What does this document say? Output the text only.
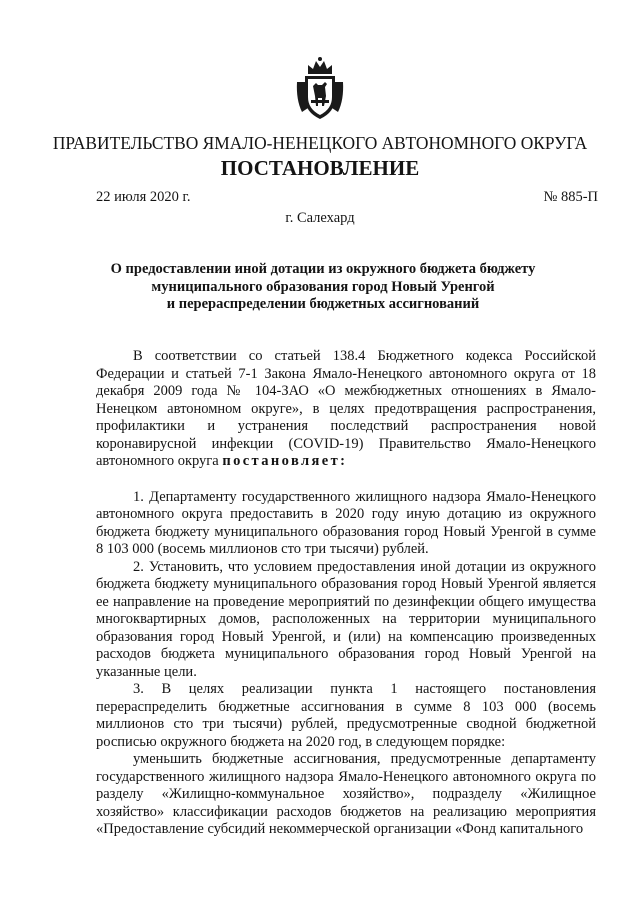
ПРАВИТЕЛЬСТВО ЯМАЛО-НЕНЕЦКОГО АВТОНОМНОГО ОКРУГА
ПОСТАНОВЛЕНИЕ
22 июля 2020 г.	№ 885-П
г. Салехард
О предоставлении иной дотации из окружного бюджета бюджету
муниципального образования город Новый Уренгой
и перераспределении бюджетных ассигнований

В соответствии со статьей 138.4 Бюджетного кодекса Российской Федерации и статьей 7-1 Закона Ямало-Ненецкого автономного округа от 18 декабря 2009 года № 104-ЗАО «О межбюджетных отношениях в Ямало-Ненецком автономном округе», в целях предотвращения распространения, профилактики и устранения последствий распространения новой коронавирусной инфекции (COVID-19) Правительство Ямало-Ненецкого автономного округа постановляет:

1. Департаменту государственного жилищного надзора Ямало-Ненецкого автономного округа предоставить в 2020 году иную дотацию из окружного бюджета бюджету муниципального образования город Новый Уренгой в сумме 8 103 000 (восемь миллионов сто три тысячи) рублей.

2. Установить, что условием предоставления иной дотации из окружного бюджета бюджету муниципального образования город Новый Уренгой является ее направление на проведение мероприятий по дезинфекции общего имущества многоквартирных домов, расположенных на территории муниципального образования город Новый Уренгой, и (или) на компенсацию произведенных расходов бюджета муниципального образования город Новый Уренгой на указанные цели.

3. В целях реализации пункта 1 настоящего постановления перераспределить бюджетные ассигнования в сумме 8 103 000 (восемь миллионов сто три тысячи) рублей, предусмотренные сводной бюджетной росписью окружного бюджета на 2020 год, в следующем порядке:

уменьшить бюджетные ассигнования, предусмотренные департаменту государственного жилищного надзора Ямало-Ненецкого автономного округа по разделу «Жилищно-коммунальное хозяйство», подразделу «Жилищное хозяйство» классификации расходов бюджетов на реализацию мероприятия «Предоставление субсидий некоммерческой организации «Фонд капитального
